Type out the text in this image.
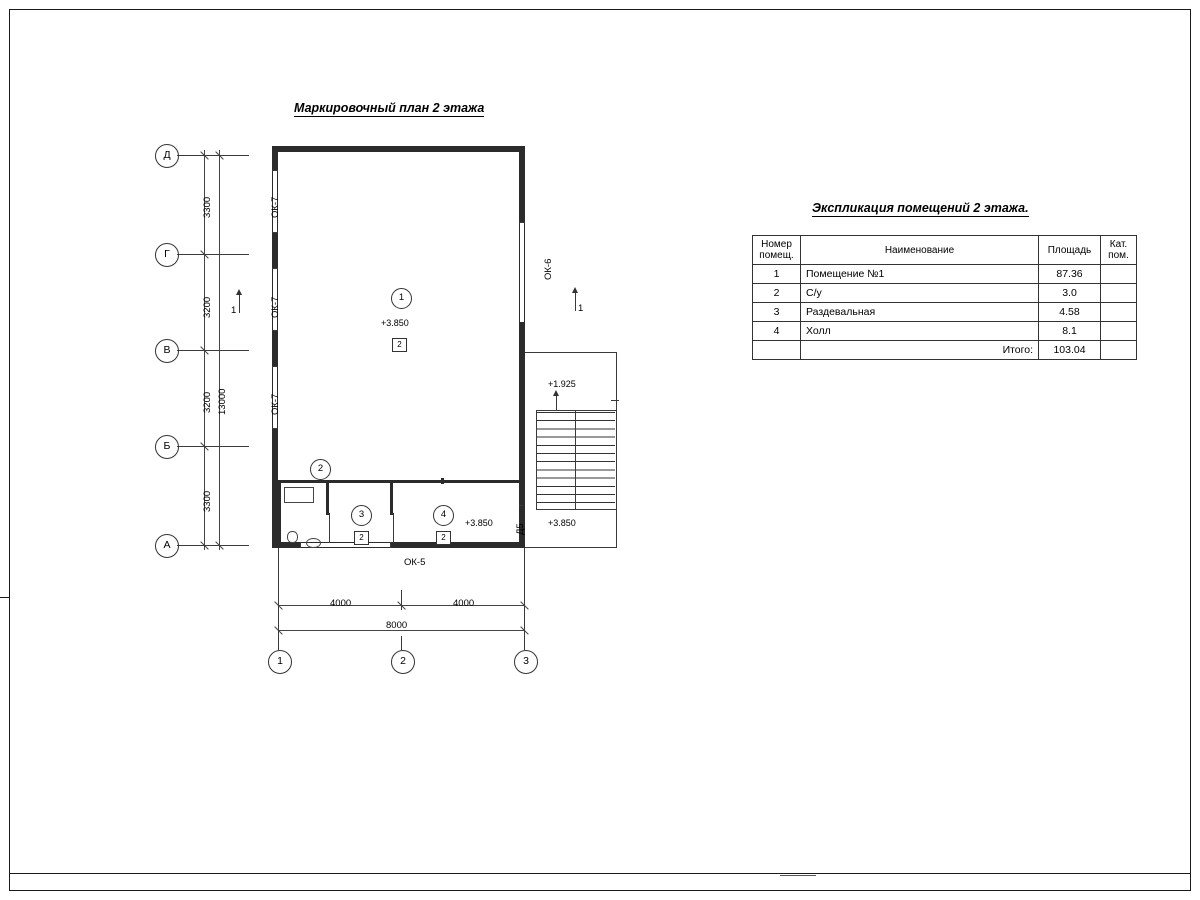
Маркировочный план 2 этажа
Д
Г
В
Б
А
3300
3200
3200
3300
13000
1
+3.850
2
2
3
2
4
2
+3.850
+1.925
+3.850
1	1
ОК-7
ОК-7
ОК-7
ОК-6
ОК-5
Д5
4000	4000
8000
1	2	3
Экспликация помещений 2 этажа.
Номер
помещ.	Наименование	Площадь	Кат.
пом.

1	Помещение №1	87.36	
2	С/у	3.0	
3	Раздевальная	4.58	
4	Холл	8.1	
	Итого:	103.04	
